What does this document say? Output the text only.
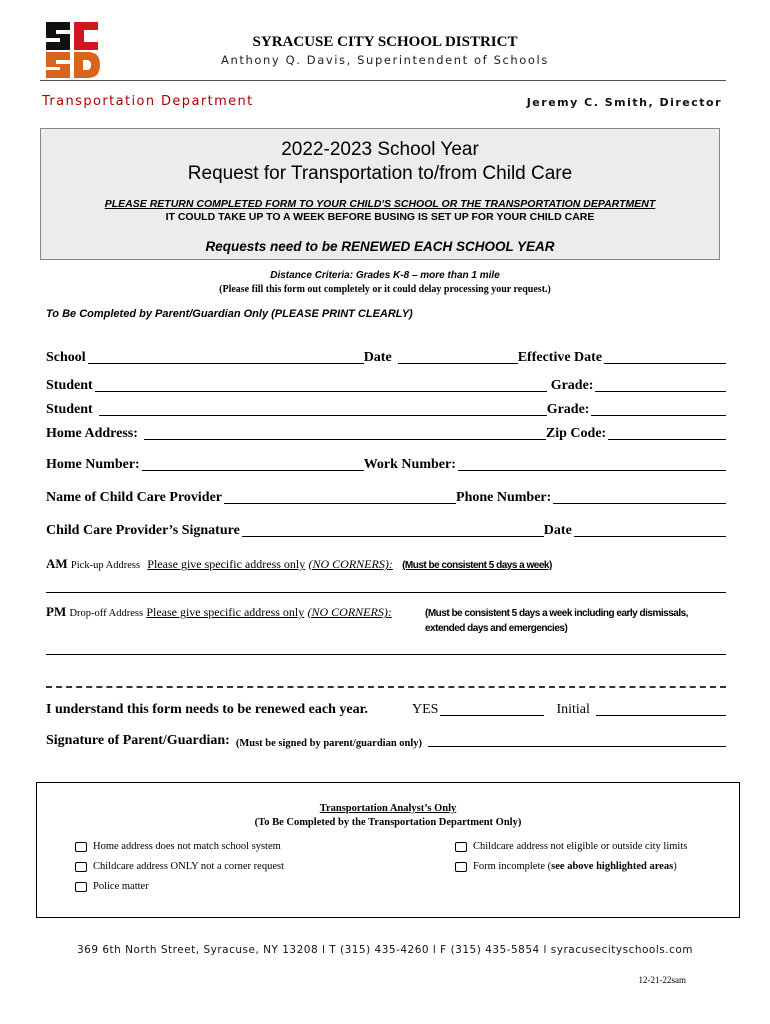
SYRACUSE CITY SCHOOL DISTRICT
Anthony Q. Davis, Superintendent of Schools
Transportation Department	Jeremy C. Smith, Director
2022-2023 School Year
Request for Transportation to/from Child Care
PLEASE RETURN COMPLETED FORM TO YOUR CHILD'S SCHOOL OR THE TRANSPORTATION DEPARTMENT
IT COULD TAKE UP TO A WEEK BEFORE BUSING IS SET UP FOR YOUR CHILD CARE
Requests need to be RENEWED EACH SCHOOL YEAR
Distance Criteria: Grades K-8 – more than 1 mile
(Please fill this form out completely or it could delay processing your request.)
To Be Completed by Parent/Guardian Only (PLEASE PRINT CLEARLY)
School	Date	Effective Date
Student	Grade:
Student	Grade:
Home Address:	Zip Code:
Home Number:	Work Number:
Name of Child Care Provider	Phone Number:
Child Care Provider’s Signature	Date
AM Pick-up Address Please give specific address only (NO CORNERS): (Must be consistent 5 days a week)
PM Drop-off Address Please give specific address only (NO CORNERS):	(Must be consistent 5 days a week including early dismissals, extended days and emergencies)
I understand this form needs to be renewed each year.	YES	Initial
Signature of Parent/Guardian: (Must be signed by parent/guardian only)
Transportation Analyst’s Only
(To Be Completed by the Transportation Department Only)
Home address does not match school system	Childcare address not eligible or outside city limits
Childcare address ONLY not a corner request	Form incomplete ( see above highlighted areas )
Police matter
369 6th North Street, Syracuse, NY 13208 l T (315) 435-4260 l F (315) 435-5854 l syracusecityschools.com
12-21-22sam
